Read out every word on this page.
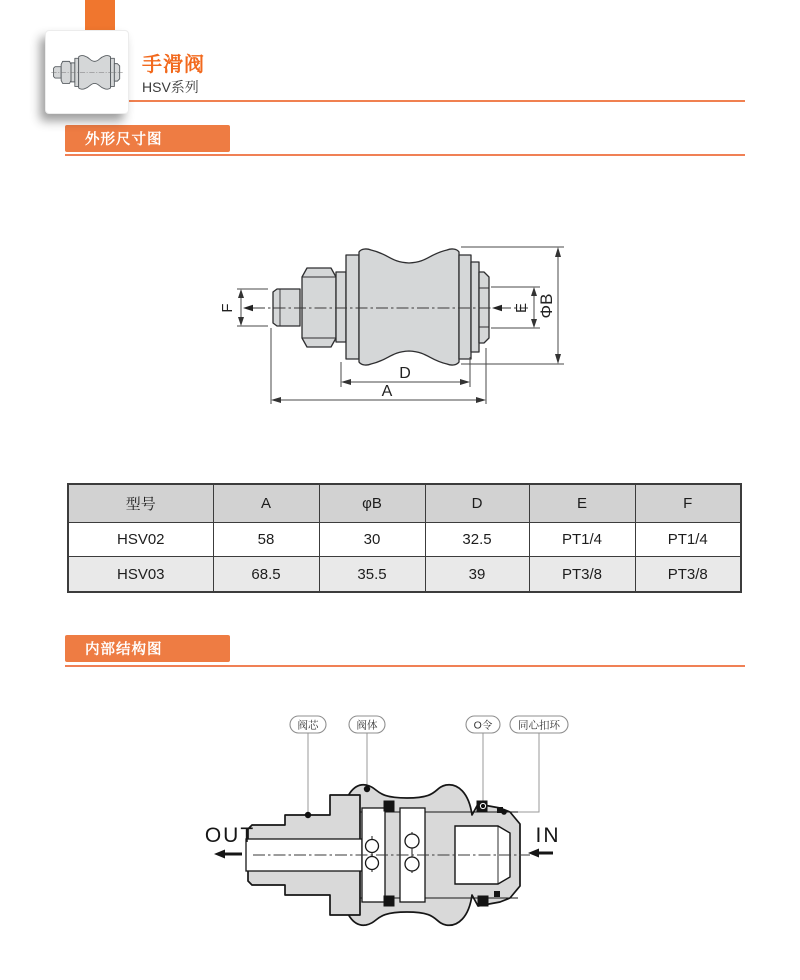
手滑阀
HSV系列
外形尺寸图
F	E ΦB
D
A
型号	A	φB	D	E	F
HSV02	58	30	32.5	PT1/4	PT1/4
HSV03	68.5	35.5	39	PT3/8	PT3/8
内部结构图
阀芯	阀体	O令 同心扣环
OUT	IN
